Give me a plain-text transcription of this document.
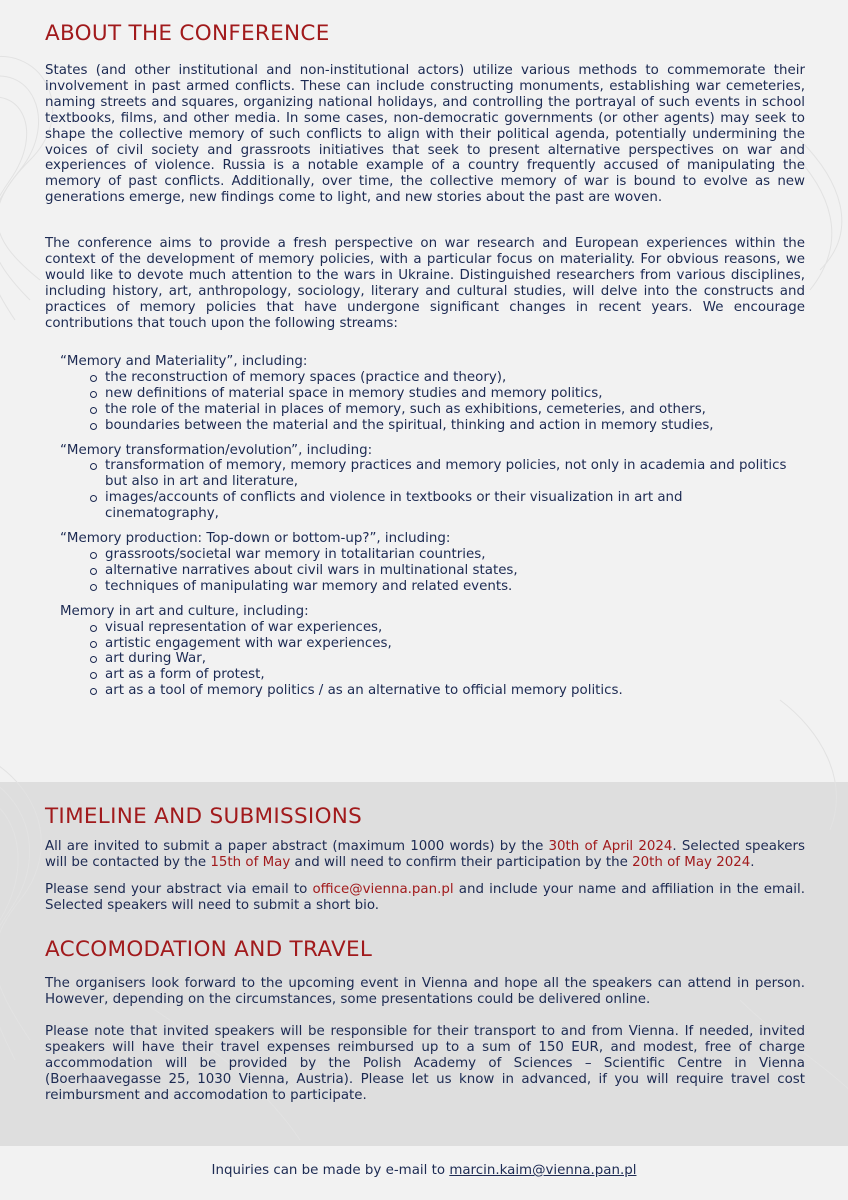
ABOUT THE CONFERENCE

States (and other institutional and non-institutional actors) utilize various methods to commemorate their involvement in past armed conflicts. These can include constructing monuments, establishing war cemeteries, naming streets and squares, organizing national holidays, and controlling the portrayal of such events in school textbooks, films, and other media. In some cases, non-democratic governments (or other agents) may seek to shape the collective memory of such conflicts to align with their political agenda, potentially undermining the voices of civil society and grassroots initiatives that seek to present alternative perspectives on war and experiences of violence. Russia is a notable example of a country frequently accused of manipulating the memory of past conflicts. Additionally, over time, the collective memory of war is bound to evolve as new generations emerge, new findings come to light, and new stories about the past are woven.

The conference aims to provide a fresh perspective on war research and European experiences within the context of the development of memory policies, with a particular focus on materiality. For obvious reasons, we would like to devote much attention to the wars in Ukraine. Distinguished researchers from various disciplines, including history, art, anthropology, sociology, literary and cultural studies, will delve into the constructs and practices of memory policies that have undergone significant changes in recent years. We encourage contributions that touch upon the following streams:

“Memory and Materiality”, including:
the reconstruction of memory spaces (practice and theory),
new definitions of material space in memory studies and memory politics,
the role of the material in places of memory, such as exhibitions, cemeteries, and others,
boundaries between the material and the spiritual, thinking and action in memory studies,
“Memory transformation/evolution”, including:
transformation of memory, memory practices and memory policies, not only in academia and politics but also in art and literature,
images/accounts of conflicts and violence in textbooks or their visualization in art and cinematography,
“Memory production: Top-down or bottom-up?”, including:
grassroots/societal war memory in totalitarian countries,
alternative narratives about civil wars in multinational states,
techniques of manipulating war memory and related events.
Memory in art and culture, including:
visual representation of war experiences,
artistic engagement with war experiences,
art during War,
art as a form of protest,
art as a tool of memory politics / as an alternative to official memory politics.
TIMELINE AND SUBMISSIONS

All are invited to submit a paper abstract (maximum 1000 words) by the 30th of April 2024. Selected speakers will be contacted by the 15th of May and will need to confirm their participation by the 20th of May 2024.

Please send your abstract via email to office@vienna.pan.pl and include your name and affiliation in the email. Selected speakers will need to submit a short bio.

ACCOMODATION AND TRAVEL

The organisers look forward to the upcoming event in Vienna and hope all the speakers can attend in person. However, depending on the circumstances, some presentations could be delivered online.

Please note that invited speakers will be responsible for their transport to and from Vienna. If needed, invited speakers will have their travel expenses reimbursed up to a sum of 150 EUR, and modest, free of charge accommodation will be provided by the Polish Academy of Sciences – Scientific Centre in Vienna (Boerhaavegasse 25, 1030 Vienna, Austria). Please let us know in advanced, if you will require travel cost reimbursment and accomodation to participate.

Inquiries can be made by e-mail to marcin.kaim@vienna.pan.pl
